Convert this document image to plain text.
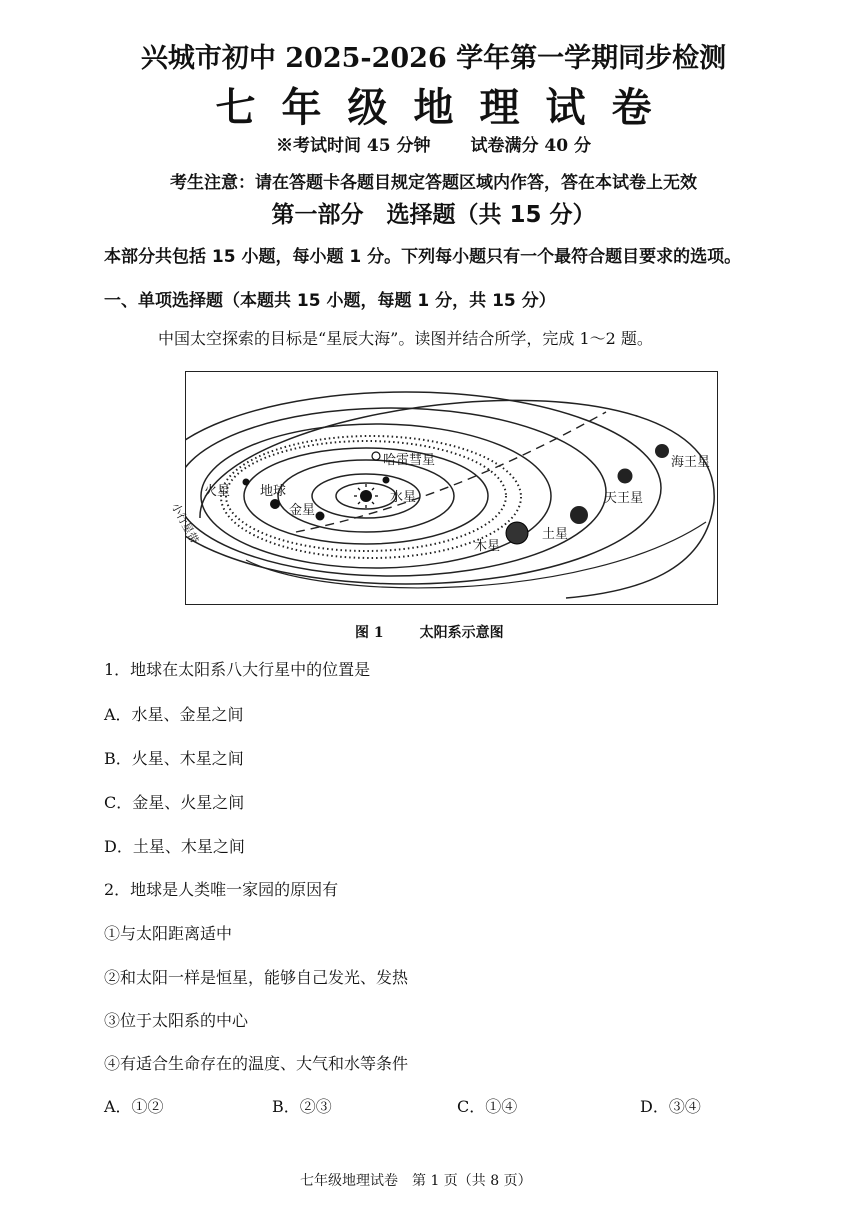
兴城市初中 2025-2026 学年第一学期同步检测
七年级地理试卷
※考试时间 45 分钟 试卷满分 40 分
考生注意：请在答题卡各题目规定答题区域内作答，答在本试卷上无效
第一部分　选择题（共 15 分）
本部分共包括 15 小题，每小题 1 分。下列每小题只有一个最符合题目要求的选项。
一、单项选择题（本题共 15 小题，每题 1 分，共 15 分）
中国太空探索的目标是“星辰大海”。读图并结合所学，完成 1～2 题。
哈雷彗星
火星 地球
金星
水星
小行星带
木星
土星
天王星
海王星
图 1	太阳系示意图
1．地球在太阳系八大行星中的位置是
A．水星、金星之间
B．火星、木星之间
C．金星、火星之间
D．土星、木星之间
2．地球是人类唯一家园的原因有
①与太阳距离适中
②和太阳一样是恒星，能够自己发光、发热
③位于太阳系的中心
④有适合生命存在的温度、大气和水等条件
A．①②	B．②③	C．①④	D．③④
七年级地理试卷　第 1 页（共 8 页）
